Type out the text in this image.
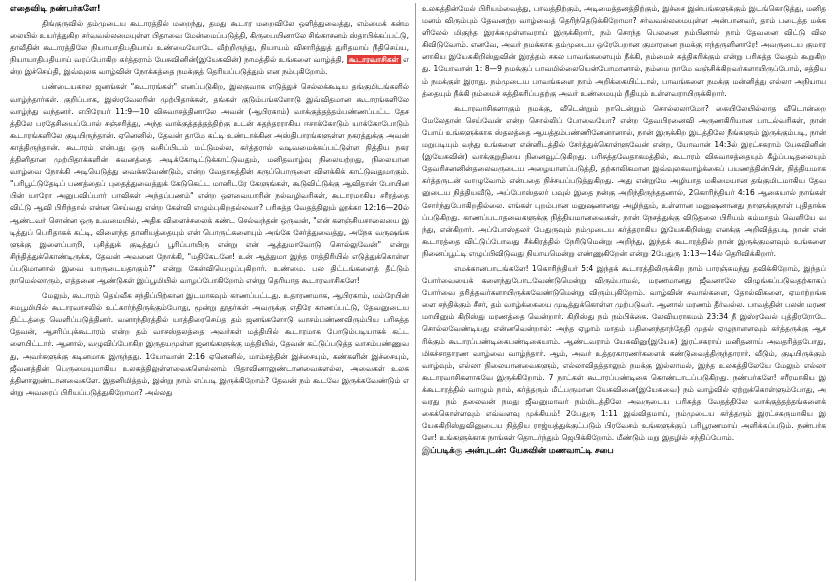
எதைவிடி நண்பர்களே!

திங்குருவில் தம்முடைய கூடாரத்தில் மறைந்து, தமது கூடார மறைவிலே ஒளித்துவைத்து, எம்மைக் கன்மலையில் உயர்த்துகிற சர்வவல்லமையுள்ள பிதாவை மேன்மைப்படுத்தி, கிருபையினாலே சிங்காசனம் ஸ்தாபிக்கப்பட்டு, தாவீதின் கூடாரத்திலே நியாயாதிபதியாய் உண்மையோடே வீற்றிருந்து, நியாயம் விசாரித்துத் துரிதமாய் நீதிசெய்ய, நியாயாதிபதியாய் வரப்போகிற கர்த்தராம் யேசுவினின்(இயேசுவின்) நாமத்தில் உங்களை வாழ்த்தி, கூடாரவாசிகள் என்ற இச்செய்தி, இவ்வுலக வாழ்வின் நோக்கத்தை நமக்குத் தெரியப்படுத்தும் என நம்புகிறோம்.

பண்டையகால ஜனங்கள் "கூடாரங்கள்" எனப்படுகிற, இலகுவாக எடுத்துச் செல்லக்கூடிய தங்குமிடங்களில் வாழ்ந்தார்கள். குறிப்பாக, இஸ்ரவேலரின் முற்பிதாக்கள், தங்கள் குடும்பங்களோடு இவ்விதமான கூடாரங்களிலே வாழ்ந்து வந்தனர். எபிரேயர் 11:9—10 விசுவாசத்தினாலே அவன் (ஆபிரகாம்) வாக்குத்தத்தம்பண்ணப்பட்ட தேசத்திலே பரதேசியைப்போல் சஞ்சரித்து, அந்த வாக்குத்தத்தத்திற்கு உடன் சுதந்தரராகிய ஈசாக்கோடும் யாக்கோபோடும் கூடாரங்களிலே குடியிருந்தான். ஏனெனில், தேவன் தாமே கட்டி உண்டாக்கின அஸ்திபாரங்களுள்ள நகரத்துக்கு அவன் காத்திருந்தான். கூடாரம் என்பது ஒரு வசிப்பிடம் மட்டுமல்ல, கர்த்தரால் வடிவமைக்கப்பட்டுள்ள நித்திய நகரத்தினிதான முற்பிதாக்களின் கவனத்தை அடிக்கோடிட்டுக்காட்டுவதும், மனிதவாழ்வு நிலையற்றது, நிலையான வாழ்வை நோக்கி அடியெடுத்து வைக்கவேண்டும், என்ற வேதாகத்தின் கருப்பொருளை விளக்கிக் காட்டுவதுமாகும். "பரிபூட்டுதேடிப் பணத்தைப் புதைத்துவைத்துக் கேடுகெட்ட மானிடரே கேளுங்கள், கூடுவிட்டுக்கு ஆவிதான் போயினபின் யாரோ அனுபவிப்பார் பாவிகள் அந்தப்பணம்" என்ற ஔவையாரின் நல்வழிவரிகள், கூடாரமாகிய சரீரத்தை விட்டு ஆவி பிரிந்தால் என்ன செய்வது என்ற கேள்வி எழும்புகிறதல்லவா? பரிசுத்த வேதத்திலும் லூக்கா 12:16—20ல் ஆண்டவர் சொன்ன ஒரு உவமையில், அதிக விளைச்சலைக் கண்ட செல்வந்தன் ஒருவன், "என் களஞ்சியசாலையை இடித்துப் பெரிதாகக் கட்டி, விளைந்த தானியத்தையும் என் பொருட்களையும் அங்கே சேர்த்துவைத்து, அநேக வருஷங்களுக்கு இளைப்பாறி, புசித்துக் குடித்துப் பூரிப்பாயிரு என்று என் ஆத்துமாவோடு சொல்லுவேன்" என்று சிந்தித்துக்கொண்டிருக்க, தேவன் அவனை நோக்கி, "மதிகேடனே! உன் ஆத்துமா இந்த ராத்திரியில் எடுத்துக்கொள்ளப்படுமானால் இவை யாருடையதாகும்?" என்று கேள்வியெழுப்புகிறார். உண்மை. பல திட்டங்களைத் தீட்டும் நாமெல்லாரும், எத்தனை ஆண்டுகள் இப்பூமியில் வாழப்போகிறோம் என்று தெரியாத கூடாரவாசிகளே!

மேலும், கூடாரம் தெய்வீக சந்திப்பிற்கான இடமாகவும் காணப்பட்டது. உதாரணமாக, ஆபிரகாம், மம்ரேயின் சமபூமியில் கூடாரவாசலில் உட்கார்ந்திருக்கும்போது, மூன்று தூதர்கள் அவருக்கு எதிரே காணப்பட்டு, தேவனுடைய திட்டத்தை வெளிப்படுத்தினர். வனாந்திரத்தில் யாத்திரைசெய்த தம் ஜனங்களோடு வாசம்பண்ணவிரும்பிய பரிசுத்த தேவன், ஆசரிப்புக்கூடாரம் என்ற தம் வாசஸ்தலத்தை அவர்கள் மத்தியில் கூடாரமாக போடும்படியாகக் கட்டளையிட்டார். ஆனால், வழுவிப்போகிற இருதயமுள்ள ஜனங்களுக்கு மத்தியில், தேவன் கட்டுப்படுத்த வாசம்பண்ணுவது, அவர்களுக்கு கடினமாக இருந்தது. 1யோவான் 2:16 ஏனெனில், மாம்சத்தின் இச்சையும், கண்களின் இச்சையும், ஜீவனத்தின் பெருமையுமாகிய உலகத்திலுள்ளவைகளெல்லாம் பிதாவினாலுண்டானவைகளல்ல, அவைகள் உலகத்தினாலுண்டானவைகளே. இதனிமித்தம், இன்று நாம் எப்படி இருக்கிறோம்? தேவன் நம் கூடவே இருக்கவேண்டும் என்று அவரைப் பிரியப்படுத்துகிறோமா? அல்லது

உலகத்தின்மேல் பிரியம்வைத்து, பாவத்திற்கும், அடிமைத்தனத்திற்கும், இச்சை இன்பங்களுக்கும் இடங்கொடுத்து, மனித மனம் விரும்பும் தேவனற்ற வாழ்வைத் தெரிந்தெடுக்கிறோமா? சர்வவல்லமையுள்ள அன்பானவர், தாம் படைத்த மக்களிலேல் மிகுந்த இரக்கமுள்ளவராய் இருக்கிறார், நம் சொந்த பெலனை நம்பினால் நாம் தேவனை விட்டு விலகிவிடுவோம். எனவே, அவர் நமக்காக தம்முடைய ஒரேபேறான குமாரனை நமக்கு ஈந்தருளினாரே! அவருடைய குமாரனாகிய இயேசுகிறிஸ்துவின் இரத்தம் சகல பாவங்களையும் நீக்கி, நம்மைச் சுத்திகரிக்கும் என்று பரிசுத்த வேதம் கூறுகிறது. 1யோவான் 1: 8—9 நமக்குப் பாவமில்லையென்போமானால், நம்மை நாமே வஞ்சிக்கிறவர்களாயிருப்போம், சத்தியம் நமக்குள் இராது. நம்முடைய பாவங்களை நாம் அறிக்கையிட்டால், பாவங்களை நமக்கு மன்னித்து எல்லா அநியாயத்தையும் நீக்கி நம்மைச் சுத்திகரிப்பதற்கு அவர் உண்மையும் நீதியும் உள்ளவராயிருக்கிறார்.

கூடாரவாசிகளாகும் நமக்கு, வீடென்றும் நாடென்றும் சொல்லலாமோ? கையிலேயில்லாத வீடொன்றை மேலேதான் செய்வேன் என்ற சொல்லிப் போவையோ? என்ற தேவபிரனைவி அருணகிரியான பாடல்வரிகள், நான் போய் உங்களுக்காக ஸ்தலத்தை ஆயத்தம்பண்ணினேனானால், நான் இருக்கிற இடத்திலே நீங்களும் இருக்கும்படி, நான் மறுபடியும் வந்து உங்களை என்னிடத்தில் சேர்த்துக்கொள்ளுவேன் என்ற, யோவான் 14:3ல் இரட்சகராம் யேசுவினின் (இயேசுவின்) வாக்குறுதியை நினைவூட்டுகிறது. பரிசுத்தவேதாகமத்தில், கூடாரம் விசுவாசத்தையும் கீழ்ப்படிதலையும் தேவரிசனனின்தலைவருடைய அழையாளப்படுத்தி, தற்காலிகமான இவ்வுலகவாழ்க்கைப் பயணத்தின்பின், நித்தியமாக கர்த்தருடன் வாழுவோம் என்பதை நிச்சயப்படுத்துகிறது. அது என்றுமே அழியாத மகிமையான தங்குமிடமாகிய தேவனுடைய நித்தியவீடு, அப்போஸ்தலர் பவுல் இதை நன்கு அறிந்திருந்ததனால், 2கொரிந்தியர் 4:16 ஆகையால் நாங்கள் சோர்ந்துபோகிறதில்லை. எங்கள் புறம்பான மனுஷனானது அழிந்தும், உள்ளான மனுஷனானது நாளுக்குநாள் புதிதாக்கப்படுகிறது. காணப்படாதவைகளுக்கு நித்தியமானவைகள், நான் நேசத்துக்கு விடுதலை பிரியம் கம்மாதம் வெளியே வந்து, என்கிறார். அப்போஸ்தலர் பேதுருவும் நம்முடைய கர்த்தராகிய இயேசுகிறிஸ்து எனக்கு அறிவித்தபடி நான் என் கூடாரத்தை விட்டுப்போவது சீக்கிரத்தில் நேரிடுமென்று அறிந்து, இந்தக் கூடாரத்தில் நான் இருக்குமளவும் உங்களை நினைப்பூட்டி எழுப்பிவிடுவது நியாயமென்று எண்ணுகிறேன் என்று 2பேதுரு 1:13—14ல் தெரிவிக்கிறார்.

எமக்கானபாடங்களே! 1கொரிந்தியர் 5:4 இந்தக் கூடாரத்திலிருக்கிற நாம் பாரஞ்சுமந்து தவிக்கிறோம், இந்தப் போர்வையைக் களைந்துபோடவேண்டுமென்று விரும்பாமல், மரணமானது ஜீவனாலே விழுங்கப்படுவதற்காகப் போர்வை தரித்தவர்களாயிருக்கவேண்டுமென்று விரும்புகிறோம். வாழ்வின் சவால்களை, தோல்விகளை, ஏமாற்றங்களை சந்திக்கும் சீசர், தம் வாழ்க்கையை முடித்துக்கொள்ள முற்படுவர். ஆனால் மரணம் தீர்வல்ல. பாவத்தின் பலன் மரணமாயினும் கிறிஸ்து மரணத்தை வென்றார். கிறிஸ்து நம் நம்பிக்கை. லேவியராகமம் 23:34 நீ இஸ்ரவேல் புத்திரரோடே சொல்லவேண்டியது என்னவென்றால்: அந்த ஏழாம் மாதம் பதினைந்தாந்தேதி முதல் ஏழுநாளளவும் கர்த்தருக்கு ஆசரிக்கும் கூடாரப்பண்டிகைபண்டிகையாம். ஆண்டவராம் யேசுவினு(இயேசு) இரட்சகராய் மனிதனாய் அவதரித்தபோது, மிகச்சாதாரண வாழ்வை வாழ்ந்தார். ஆம், அவர் உத்தரகாரணர்களைக் கண்டுவைத்திருந்தாரார். வீடும், குடியிருக்கும் வாழ்வும், எல்லா நிலையானவைகளும், எல்லாவிதத்தாலும் நமக்கு இல்லாமல், இந்த உலகத்திலேயே மேலும் எல்லா கூடாரவாசிகளாகவே இருக்கிறோம். 7 நாட்கள் கூடாரப்பண்டிகை கொண்டாடப்படுகிறது. நண்பர்களே! சரீரமாகிய இக்கூடாரத்தில் வாழும் நாம், கர்த்தரும் மீட்பருமான யேசுவினை(இயேசுவை) நம் வாழ்வில் ஏற்றுக்கொள்ளும்போது, அவரது நம் தலைவன் நமது ஜீவனுமாவர் நம்மிடத்திலே அவருடைய பரிசுத்த வேதத்திலே வாக்குத்தத்தங்களைக் கைக்கொள்ளவும் எவ்வளவு முக்கியம்! 2பேதுரு 1:11 இவ்விதமாய், நம்முடைய கர்த்தரும் இரட்சகருமாகிய இயேசுகிறிஸ்துவினுடைய நித்திய ராஜ்யத்துக்குட்படும் பிரவேசம் உங்களுக்குப் பரிபூரணமாய் அளிக்கப்படும். நண்பர்களே! உங்களுக்காக நாங்கள் தொடர்ந்தும் ஜெபிக்கிறோம். மீண்டும் மறு இதழில் சந்திப்போம்.

இப்படிக்கு அன்புடன்: யேசுவின் மணவாட்டி சபை
